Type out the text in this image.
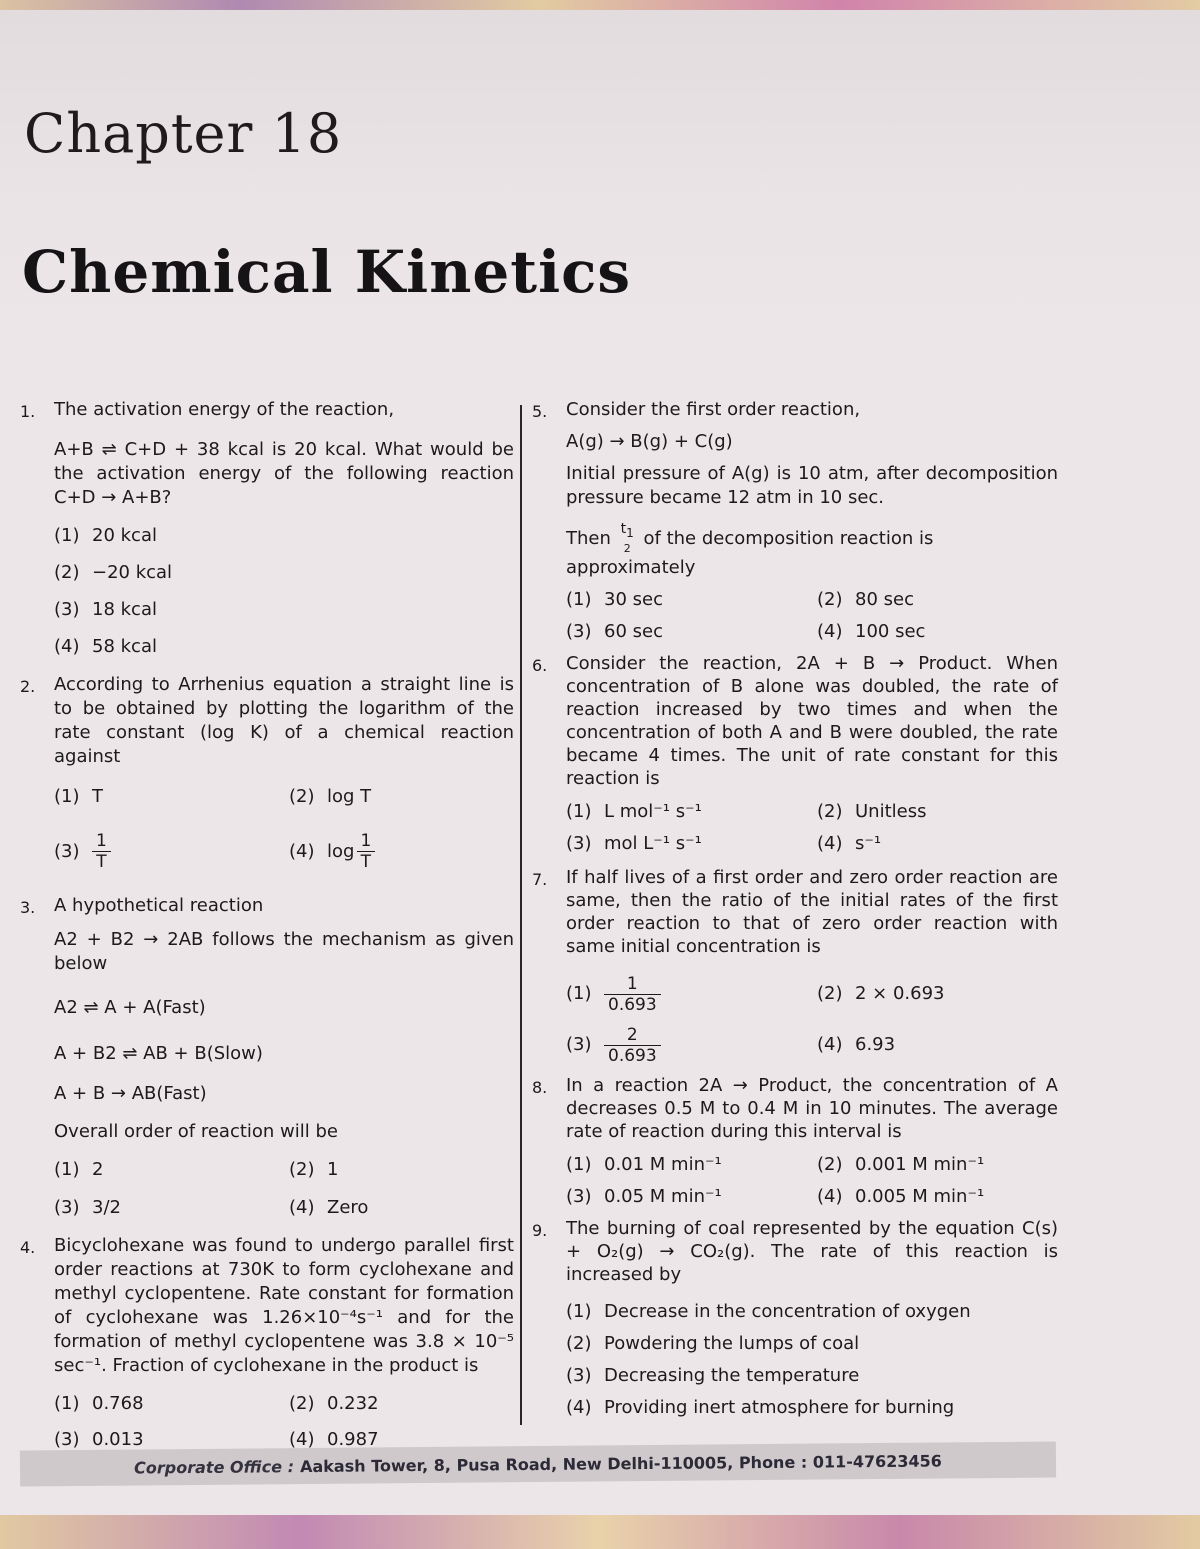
Chapter 18
Chemical Kinetics
1. The activation energy of the reaction,
A+B ⇌ C+D + 38 kcal is 20 kcal. What would be the activation energy of the following reaction C+D → A+B?
(1) 20 kcal
(2) −20 kcal
(3) 18 kcal
(4) 58 kcal
2. According to Arrhenius equation a straight line is to be obtained by plotting the logarithm of the rate constant (log K) of a chemical reaction against
(1) T	(2) log T
$(3) \frac{1}{T}$	(4) $\log \frac{1}{T}$
3. A hypothetical reaction
A2 + B2 → 2AB follows the mechanism as given below
A2 ⇌ A + A(Fast)
A + B2 ⇌ AB + B(Slow)
A + B → AB(Fast)
Overall order of reaction will be
(1) 2	(2) 1
(3) 3/2	(4) Zero
4. Bicyclohexane was found to undergo parallel first order reactions at 730K to form cyclohexane and methyl cyclopentene. Rate constant for formation of cyclohexane was 1.26×10⁻⁴s⁻¹ and for the formation of methyl cyclopentene was 3.8 × 10⁻⁵ sec⁻¹. Fraction of cyclohexane in the product is
(1) 0.768	(2) 0.232
(3) 0.013	(4) 0.987
5. Consider the first order reaction,
A(g) → B(g) + C(g)
Initial pressure of A(g) is 10 atm, after decomposition pressure became 12 atm in 10 sec.
Then $t_1$
2 of the decomposition reaction is approximately
(1) 30 sec	(2) 80 sec
(3) 60 sec	(4) 100 sec
6. Consider the reaction, 2A + B → Product. When concentration of B alone was doubled, the rate of reaction increased by two times and when the concentration of both A and B were doubled, the rate became 4 times. The unit of rate constant for this reaction is
(1) L mol⁻¹ s⁻¹	(2) Unitless
(3) mol L⁻¹ s⁻¹	(4) s⁻¹
7. If half lives of a first order and zero order reaction are same, then the ratio of the initial rates of the first order reaction to that of zero order reaction with same initial concentration is
$(1) \frac{1}{0.693}$	(2) 2 × 0.693
$(3) \frac{2}{0.693}$	(4) 6.93
8. In a reaction 2A → Product, the concentration of A decreases 0.5 M to 0.4 M in 10 minutes. The average rate of reaction during this interval is
(1) 0.01 M min⁻¹	(2) 0.001 M min⁻¹
(3) 0.05 M min⁻¹	(4) 0.005 M min⁻¹
9. The burning of coal represented by the equation C(s) + O₂(g) → CO₂(g). The rate of this reaction is increased by
(1) Decrease in the concentration of oxygen
(2) Powdering the lumps of coal
(3) Decreasing the temperature
(4) Providing inert atmosphere for burning
Corporate Office : Aakash Tower, 8, Pusa Road, New Delhi-110005, Phone : 011-47623456
